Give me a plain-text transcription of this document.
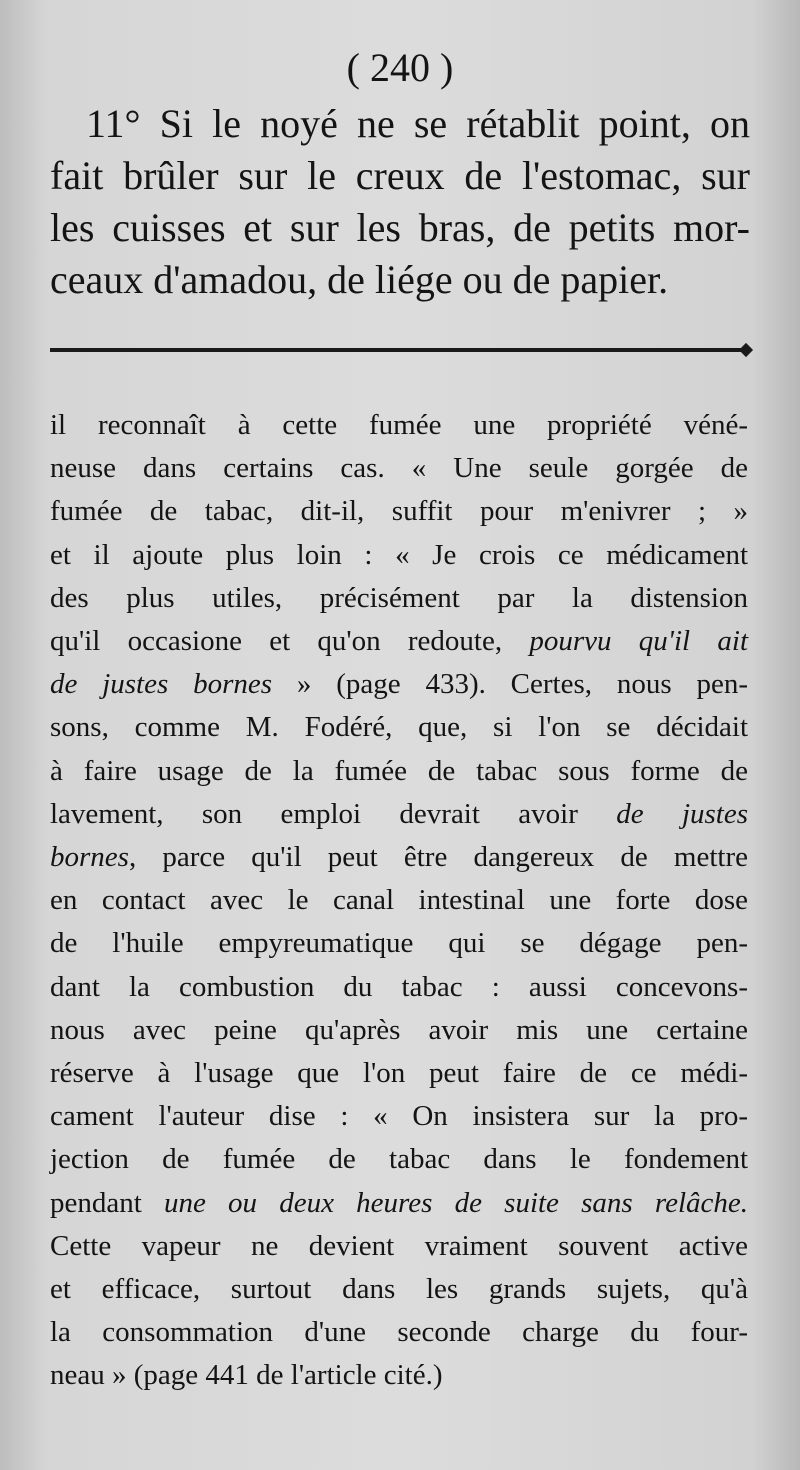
( 240 )
11° Si le noyé ne se rétablit point, on
fait brûler sur le creux de l'estomac, sur
les cuisses et sur les bras, de petits mor-
ceaux d'amadou, de liége ou de papier.
il reconnaît à cette fumée une propriété véné-
neuse dans certains cas. « Une seule gorgée de
fumée de tabac, dit-il, suffit pour m'enivrer ; »
et il ajoute plus loin : « Je crois ce médicament
des plus utiles, précisément par la distension
qu'il occasione et qu'on redoute, pourvu qu'il ait
de justes bornes » (page 433). Certes, nous pen-
sons, comme M. Fodéré, que, si l'on se décidait
à faire usage de la fumée de tabac sous forme de
lavement, son emploi devrait avoir de justes
bornes, parce qu'il peut être dangereux de mettre
en contact avec le canal intestinal une forte dose
de l'huile empyreumatique qui se dégage pen-
dant la combustion du tabac : aussi concevons-
nous avec peine qu'après avoir mis une certaine
réserve à l'usage que l'on peut faire de ce médi-
cament l'auteur dise : « On insistera sur la pro-
jection de fumée de tabac dans le fondement
pendant une ou deux heures de suite sans relâche.
Cette vapeur ne devient vraiment souvent active
et efficace, surtout dans les grands sujets, qu'à
la consommation d'une seconde charge du four-
neau » (page 441 de l'article cité.)
